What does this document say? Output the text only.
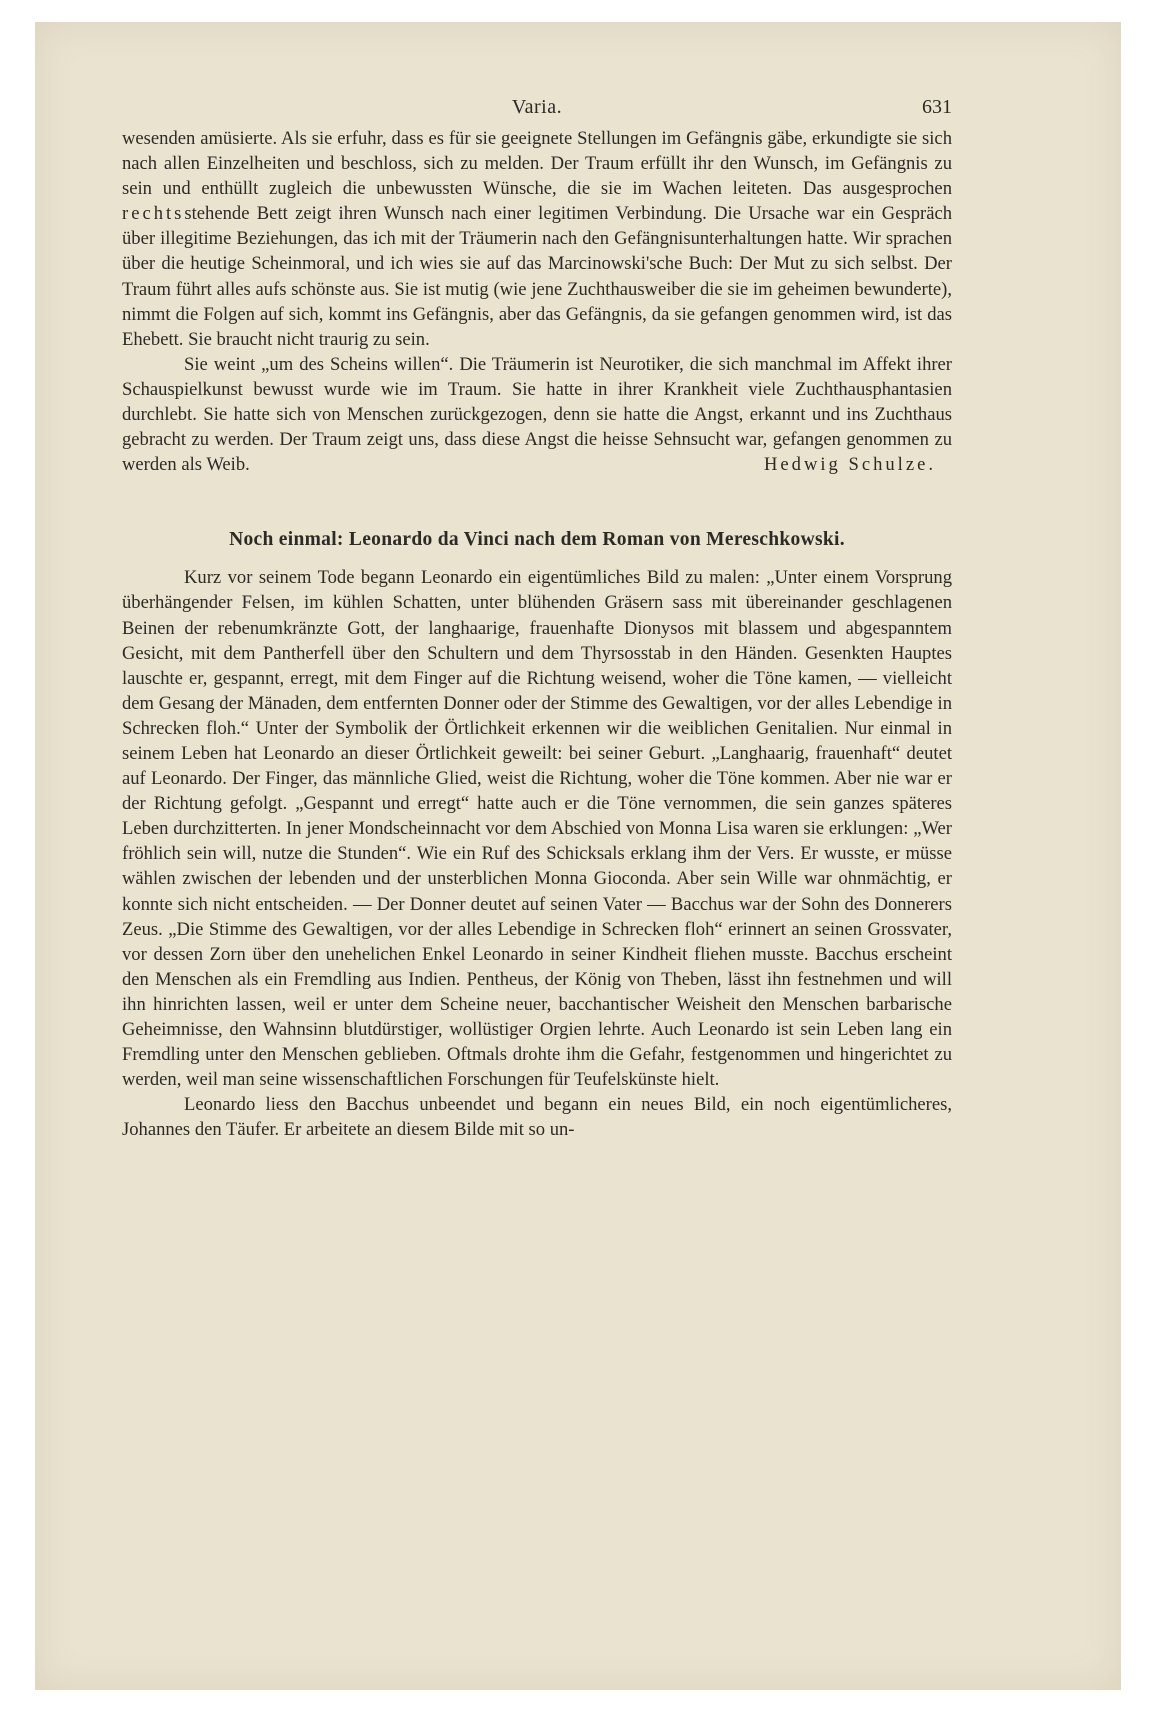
Varia.	631

wesenden amüsierte. Als sie erfuhr, dass es für sie geeignete Stellungen im Gefängnis gäbe, erkundigte sie sich nach allen Einzelheiten und beschloss, sich zu melden. Der Traum erfüllt ihr den Wunsch, im Gefängnis zu sein und enthüllt zugleich die unbewussten Wünsche, die sie im Wachen leiteten. Das ausgesprochen rechtsstehende Bett zeigt ihren Wunsch nach einer legitimen Verbindung. Die Ursache war ein Gespräch über illegitime Beziehungen, das ich mit der Träumerin nach den Gefängnisunterhaltungen hatte. Wir sprachen über die heutige Scheinmoral, und ich wies sie auf das Marcinowski'sche Buch: Der Mut zu sich selbst. Der Traum führt alles aufs schönste aus. Sie ist mutig (wie jene Zuchthausweiber die sie im geheimen bewunderte), nimmt die Folgen auf sich, kommt ins Gefängnis, aber das Gefängnis, da sie gefangen genommen wird, ist das Ehebett. Sie braucht nicht traurig zu sein.

Sie weint „um des Scheins willen“. Die Träumerin ist Neurotiker, die sich manchmal im Affekt ihrer Schauspielkunst bewusst wurde wie im Traum. Sie hatte in ihrer Krankheit viele Zuchthausphantasien durchlebt. Sie hatte sich von Menschen zurückgezogen, denn sie hatte die Angst, erkannt und ins Zuchthaus gebracht zu werden. Der Traum zeigt uns, dass diese Angst die heisse Sehnsucht war, gefangen genommen zu werden als Weib.	Hedwig Schulze.

Noch einmal: Leonardo da Vinci nach dem Roman von Mereschkowski.

Kurz vor seinem Tode begann Leonardo ein eigentümliches Bild zu malen: „Unter einem Vorsprung überhängender Felsen, im kühlen Schatten, unter blühenden Gräsern sass mit übereinander geschlagenen Beinen der rebenumkränzte Gott, der langhaarige, frauenhafte Dionysos mit blassem und abgespanntem Gesicht, mit dem Pantherfell über den Schultern und dem Thyrsosstab in den Händen. Gesenkten Hauptes lauschte er, gespannt, erregt, mit dem Finger auf die Richtung weisend, woher die Töne kamen, — vielleicht dem Gesang der Mänaden, dem entfernten Donner oder der Stimme des Gewaltigen, vor der alles Lebendige in Schrecken floh.“ Unter der Symbolik der Örtlichkeit erkennen wir die weiblichen Genitalien. Nur einmal in seinem Leben hat Leonardo an dieser Örtlichkeit geweilt: bei seiner Geburt. „Langhaarig, frauenhaft“ deutet auf Leonardo. Der Finger, das männliche Glied, weist die Richtung, woher die Töne kommen. Aber nie war er der Richtung gefolgt. „Gespannt und erregt“ hatte auch er die Töne vernommen, die sein ganzes späteres Leben durchzitterten. In jener Mondscheinnacht vor dem Abschied von Monna Lisa waren sie erklungen: „Wer fröhlich sein will, nutze die Stunden“. Wie ein Ruf des Schicksals erklang ihm der Vers. Er wusste, er müsse wählen zwischen der lebenden und der unsterblichen Monna Gioconda. Aber sein Wille war ohnmächtig, er konnte sich nicht entscheiden. — Der Donner deutet auf seinen Vater — Bacchus war der Sohn des Donnerers Zeus. „Die Stimme des Gewaltigen, vor der alles Lebendige in Schrecken floh“ erinnert an seinen Grossvater, vor dessen Zorn über den unehelichen Enkel Leonardo in seiner Kindheit fliehen musste. Bacchus erscheint den Menschen als ein Fremdling aus Indien. Pentheus, der König von Theben, lässt ihn festnehmen und will ihn hinrichten lassen, weil er unter dem Scheine neuer, bacchantischer Weisheit den Menschen barbarische Geheimnisse, den Wahnsinn blutdürstiger, wollüstiger Orgien lehrte. Auch Leonardo ist sein Leben lang ein Fremdling unter den Menschen geblieben. Oftmals drohte ihm die Gefahr, festgenommen und hingerichtet zu werden, weil man seine wissenschaftlichen Forschungen für Teufelskünste hielt.

Leonardo liess den Bacchus unbeendet und begann ein neues Bild, ein noch eigentümlicheres, Johannes den Täufer. Er arbeitete an diesem Bilde mit so un-
